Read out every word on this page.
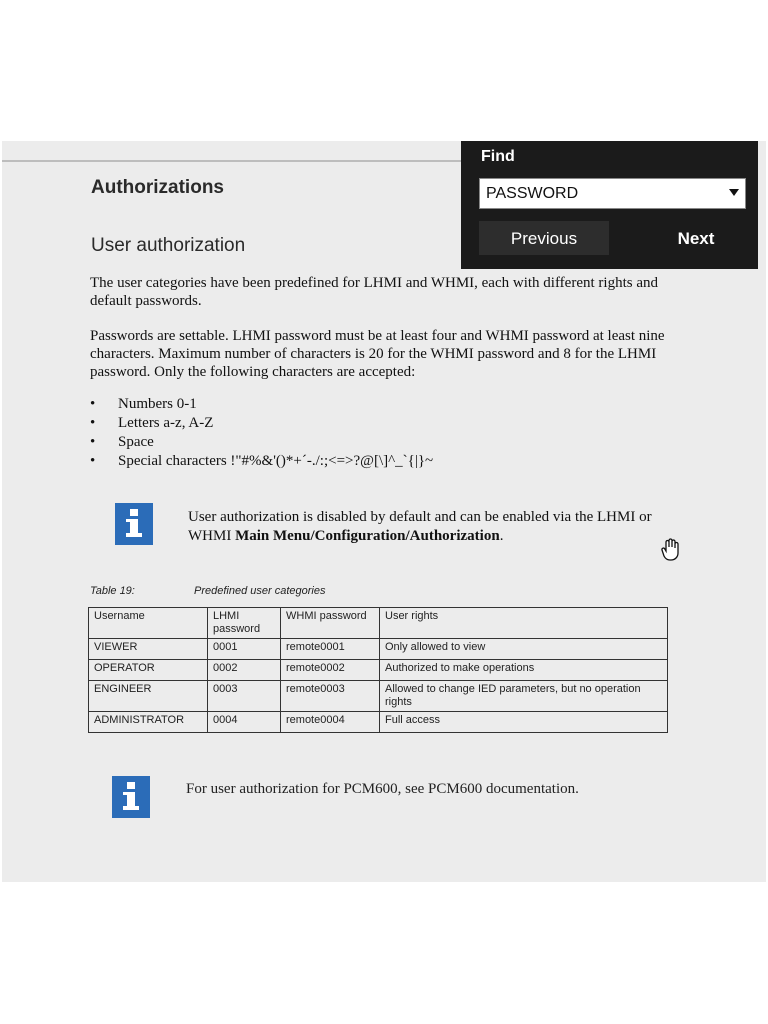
Authorizations
User authorization
The user categories have been predefined for LHMI and WHMI, each with different rights and default passwords.
Passwords are settable. LHMI password must be at least four and WHMI password at least nine characters. Maximum number of characters is 20 for the WHMI password and 8 for the LHMI password. Only the following characters are accepted:
• Numbers 0-1
• Letters a-z, A-Z
• Space
• Special characters !"#%&'()*+´-./:;<=>?@[\]^_`{|}~
User authorization is disabled by default and can be enabled via the LHMI or WHMI Main Menu/Configuration/Authorization.
Table 19:	Predefined user categories
Username	LHMI password	WHMI password	User rights
VIEWER	0001	remote0001	Only allowed to view
OPERATOR	0002	remote0002	Authorized to make operations
ENGINEER	0003	remote0003	Allowed to change IED parameters, but no operation rights
ADMINISTRATOR	0004	remote0004	Full access
For user authorization for PCM600, see PCM600 documentation.
Find
PASSWORD
Previous	Next
